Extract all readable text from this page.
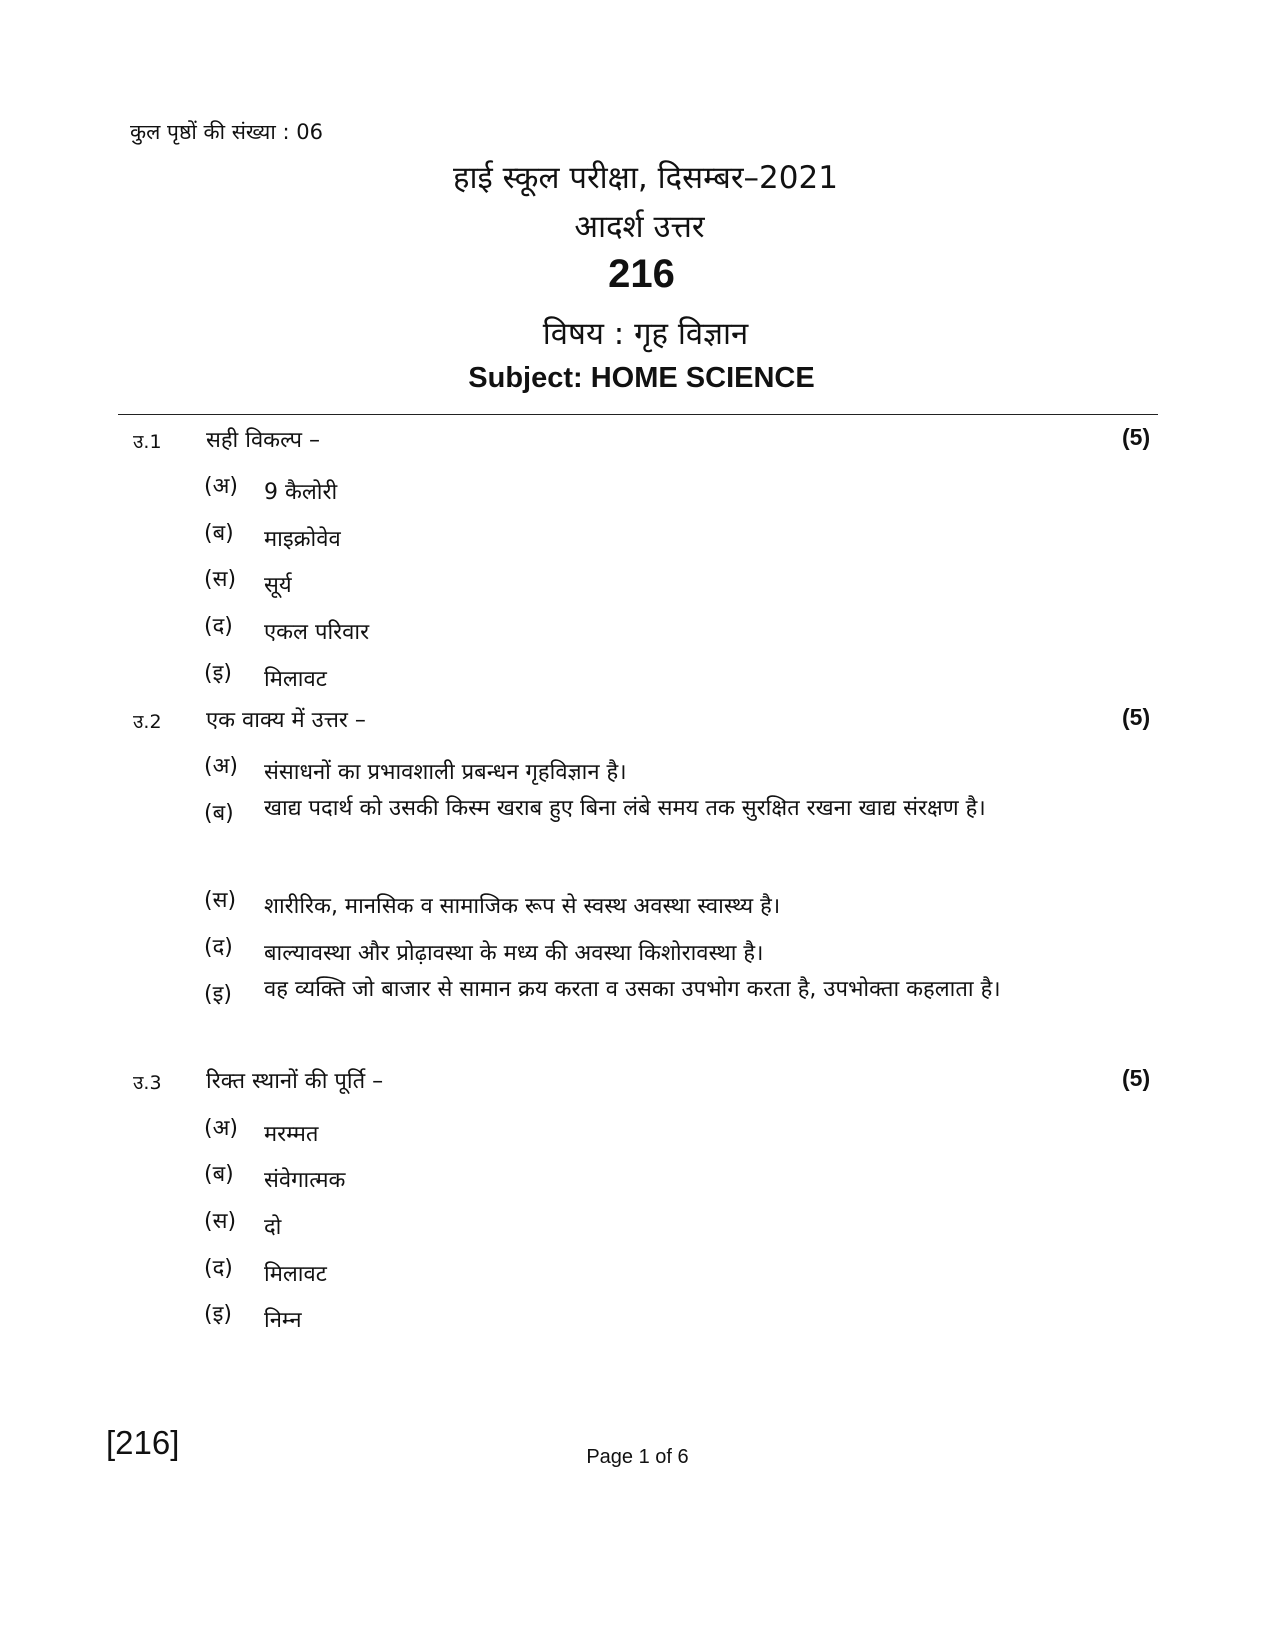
कुल पृष्ठों की संख्या : 06
हाई स्कूल परीक्षा, दिसम्बर–2021
आदर्श उत्तर
216
विषय : गृह विज्ञान
Subject: HOME SCIENCE
उ.1 सही विकल्प –	(5)
(अ) 9 कैलोरी
(ब) माइक्रोवेव
(स) सूर्य
(द) एकल परिवार
(इ) मिलावट
उ.2 एक वाक्य में उत्तर –	(5)
(अ) संसाधनों का प्रभावशाली प्रबन्धन गृहविज्ञान है।
(ब) खाद्य पदार्थ को उसकी किस्म खराब हुए बिना लंबे समय तक सुरक्षित रखना खाद्य संरक्षण है।
(स) शारीरिक, मानसिक व सामाजिक रूप से स्वस्थ अवस्था स्वास्थ्य है।
(द) बाल्यावस्था और प्रोढ़ावस्था के मध्य की अवस्था किशोरावस्था है।
(इ) वह व्यक्ति जो बाजार से सामान क्रय करता व उसका उपभोग करता है, उपभोक्ता कहलाता है।
उ.3 रिक्त स्थानों की पूर्ति –	(5)
(अ) मरम्मत
(ब) संवेगात्मक
(स) दो
(द) मिलावट
(इ) निम्न
[216]	Page 1 of 6
